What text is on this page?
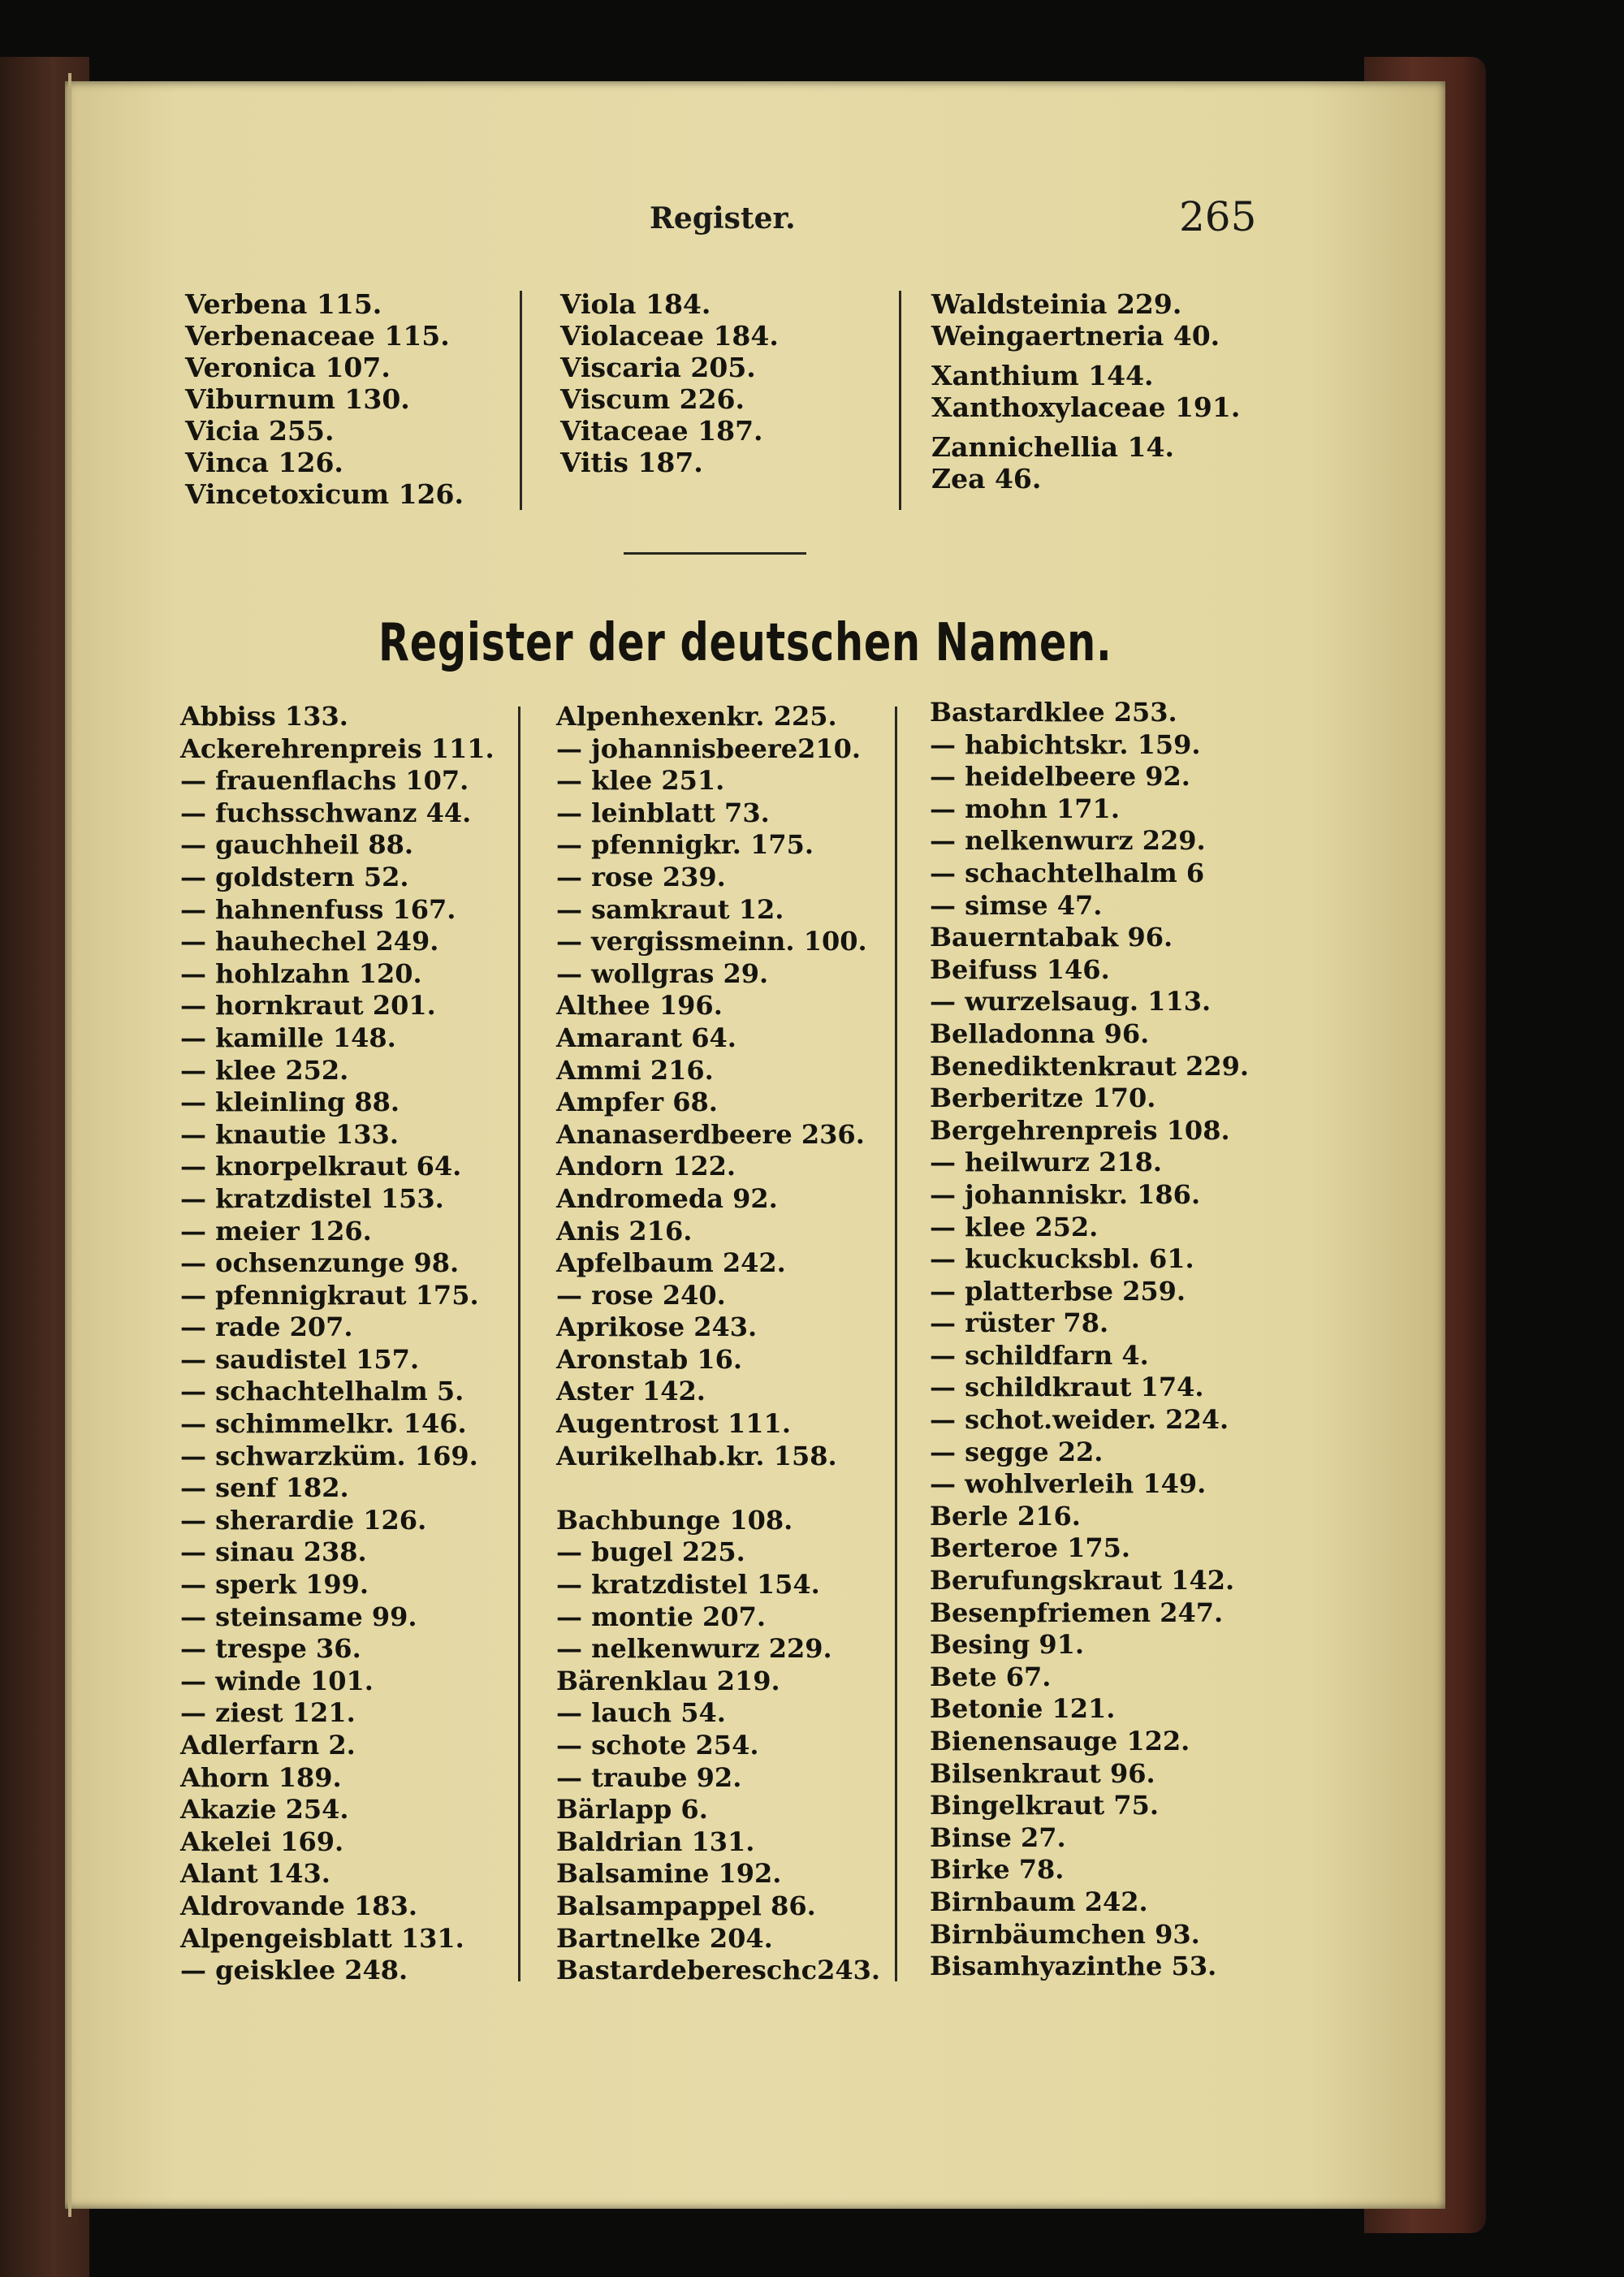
Register.	265
Verbena 115.
Verbenaceae 115.
Veronica 107.
Viburnum 130.
Vicia 255.
Vinca 126.
Vincetoxicum 126.
Viola 184.
Violaceae 184.
Viscaria 205.
Viscum 226.
Vitaceae 187.
Vitis 187.
Waldsteinia 229.
Weingaertneria 40.
Xanthium 144.
Xanthoxylaceae 191.
Zannichellia 14.
Zea 46.
Register der deutschen Namen.
Abbiss 133.
Ackerehrenpreis 111.
— frauenflachs 107.
— fuchsschwanz 44.
— gauchheil 88.
— goldstern 52.
— hahnenfuss 167.
— hauhechel 249.
— hohlzahn 120.
— hornkraut 201.
— kamille 148.
— klee 252.
— kleinling 88.
— knautie 133.
— knorpelkraut 64.
— kratzdistel 153.
— meier 126.
— ochsenzunge 98.
— pfennigkraut 175.
— rade 207.
— saudistel 157.
— schachtelhalm 5.
— schimmelkr. 146.
— schwarzküm. 169.
— senf 182.
— sherardie 126.
— sinau 238.
— sperk 199.
— steinsame 99.
— trespe 36.
— winde 101.
— ziest 121.
Adlerfarn 2.
Ahorn 189.
Akazie 254.
Akelei 169.
Alant 143.
Aldrovande 183.
Alpengeisblatt 131.
— geisklee 248.
Alpenhexenkr. 225.
— johannisbeere210.
— klee 251.
— leinblatt 73.
— pfennigkr. 175.
— rose 239.
— samkraut 12.
— vergissmeinn. 100.
— wollgras 29.
Althee 196.
Amarant 64.
Ammi 216.
Ampfer 68.
Ananaserdbeere 236.
Andorn 122.
Andromeda 92.
Anis 216.
Apfelbaum 242.
— rose 240.
Aprikose 243.
Aronstab 16.
Aster 142.
Augentrost 111.
Aurikelhab.kr. 158.
Bachbunge 108.
— bugel 225.
— kratzdistel 154.
— montie 207.
— nelkenwurz 229.
Bärenklau 219.
— lauch 54.
— schote 254.
— traube 92.
Bärlapp 6.
Baldrian 131.
Balsamine 192.
Balsampappel 86.
Bartnelke 204.
Bastardebereschc243.
Bastardklee 253.
— habichtskr. 159.
— heidelbeere 92.
— mohn 171.
— nelkenwurz 229.
— schachtelhalm 6
— simse 47.
Bauerntabak 96.
Beifuss 146.
— wurzelsaug. 113.
Belladonna 96.
Benediktenkraut 229.
Berberitze 170.
Bergehrenpreis 108.
— heilwurz 218.
— johanniskr. 186.
— klee 252.
— kuckucksbl. 61.
— platterbse 259.
— rüster 78.
— schildfarn 4.
— schildkraut 174.
— schot.weider. 224.
— segge 22.
— wohlverleih 149.
Berle 216.
Berteroe 175.
Berufungskraut 142.
Besenpfriemen 247.
Besing 91.
Bete 67.
Betonie 121.
Bienensauge 122.
Bilsenkraut 96.
Bingelkraut 75.
Binse 27.
Birke 78.
Birnbaum 242.
Birnbäumchen 93.
Bisamhyazinthe 53.
